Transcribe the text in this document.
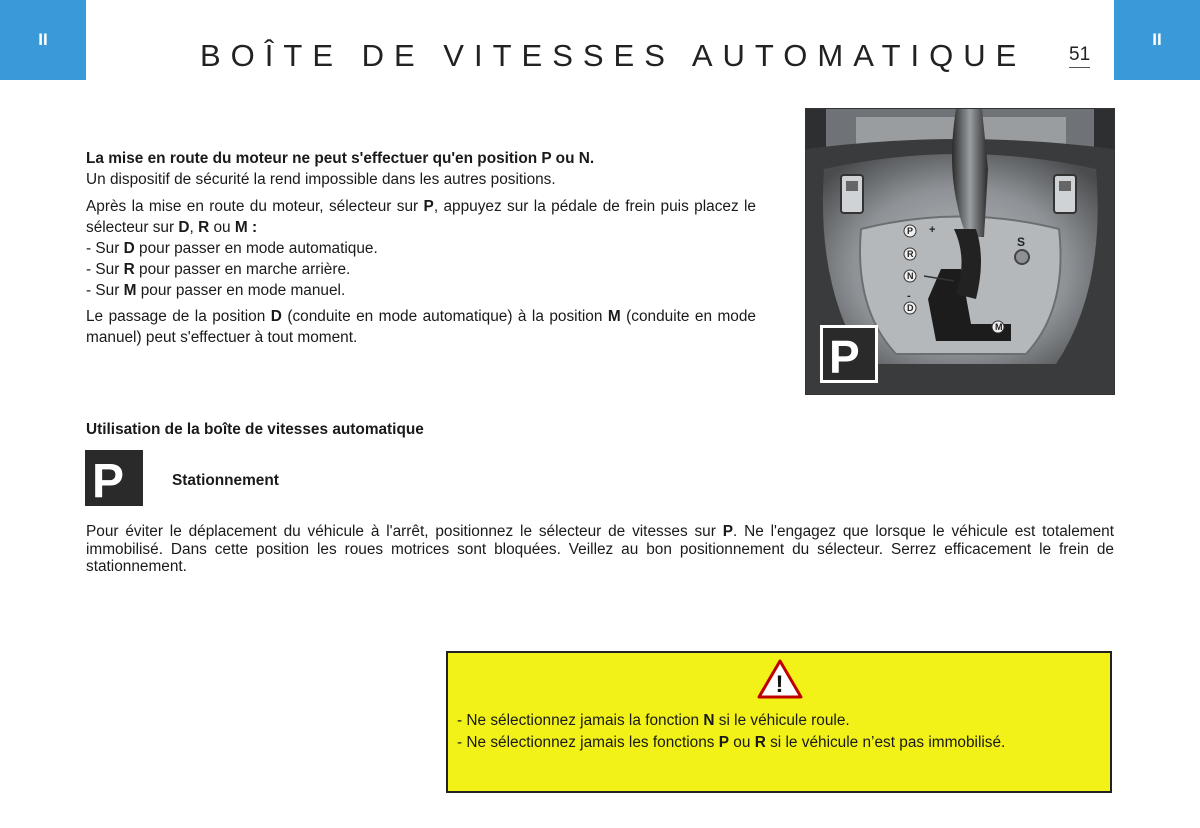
II	II
BOÎTE DE VITESSES AUTOMATIQUE 51

La mise en route du moteur ne peut s'effectuer qu'en position P ou N.

Un dispositif de sécurité la rend impossible dans les autres positions.

Après la mise en route du moteur, sélecteur sur P, appuyez sur la pédale de frein puis placez le sélecteur sur D, R ou M :

- Sur D pour passer en mode automatique.

- Sur R pour passer en marche arrière.

- Sur M pour passer en mode manuel.

Le passage de la position D (conduite en mode automatique) à la position M (conduite en mode manuel) peut s'effectuer à tout moment.

P
R
N
D
M
-
+
S
P
Utilisation de la boîte de vitesses automatique
P	Stationnement

Pour éviter le déplacement du véhicule à l'arrêt, positionnez le sélecteur de vitesses sur P. Ne l'engagez que lorsque le véhicule est totalement immobilisé. Dans cette position les roues motrices sont bloquées. Veillez au bon positionnement du sélecteur. Serrez efficacement le frein de stationnement.

!

- Ne sélectionnez jamais la fonction N si le véhicule roule.

- Ne sélectionnez jamais les fonctions P ou R si le véhicule n’est pas immobilisé.
